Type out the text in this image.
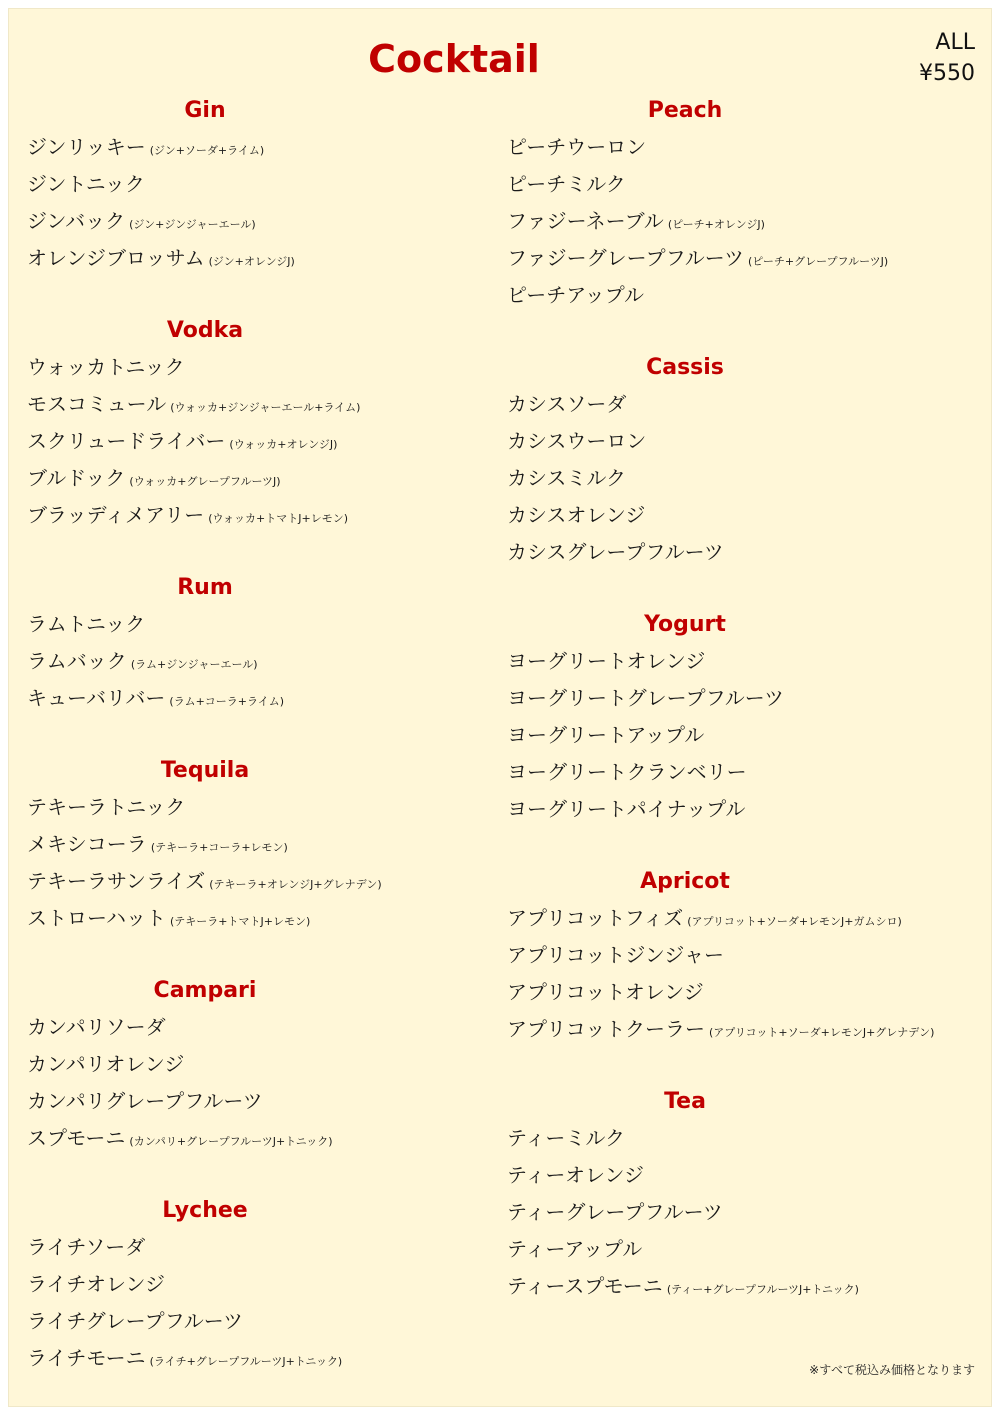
Cocktail	ALL
¥550
Gin
ジンリッキー (ジン+ソーダ+ライム)
ジントニック
ジンバック (ジン+ジンジャーエール)
オレンジブロッサム (ジン+オレンジJ)
Vodka
ウォッカトニック
モスコミュール (ウォッカ+ジンジャーエール+ライム)
スクリュードライバー (ウォッカ+オレンジJ)
ブルドック (ウォッカ+グレープフルーツJ)
ブラッディメアリー (ウォッカ+トマトJ+レモン)
Rum
ラムトニック
ラムバック (ラム+ジンジャーエール)
キューバリバー (ラム+コーラ+ライム)
Tequila
テキーラトニック
メキシコーラ (テキーラ+コーラ+レモン)
テキーラサンライズ (テキーラ+オレンジJ+グレナデン)
ストローハット (テキーラ+トマトJ+レモン)
Campari
カンパリソーダ
カンパリオレンジ
カンパリグレープフルーツ
スプモーニ (カンパリ+グレープフルーツJ+トニック)
Lychee
ライチソーダ
ライチオレンジ
ライチグレープフルーツ
ライチモーニ (ライチ+グレープフルーツJ+トニック)
Peach
ピーチウーロン
ピーチミルク
ファジーネーブル (ピーチ+オレンジJ)
ファジーグレープフルーツ (ピーチ+グレープフルーツJ)
ピーチアップル
Cassis
カシスソーダ
カシスウーロン
カシスミルク
カシスオレンジ
カシスグレープフルーツ
Yogurt
ヨーグリートオレンジ
ヨーグリートグレープフルーツ
ヨーグリートアップル
ヨーグリートクランベリー
ヨーグリートパイナップル
Apricot
アプリコットフィズ (アプリコット+ソーダ+レモンJ+ガムシロ)
アプリコットジンジャー
アプリコットオレンジ
アプリコットクーラー (アプリコット+ソーダ+レモンJ+グレナデン)
Tea
ティーミルク
ティーオレンジ
ティーグレープフルーツ
ティーアップル
ティースプモーニ (ティー+グレープフルーツJ+トニック)
※すべて税込み価格となります
